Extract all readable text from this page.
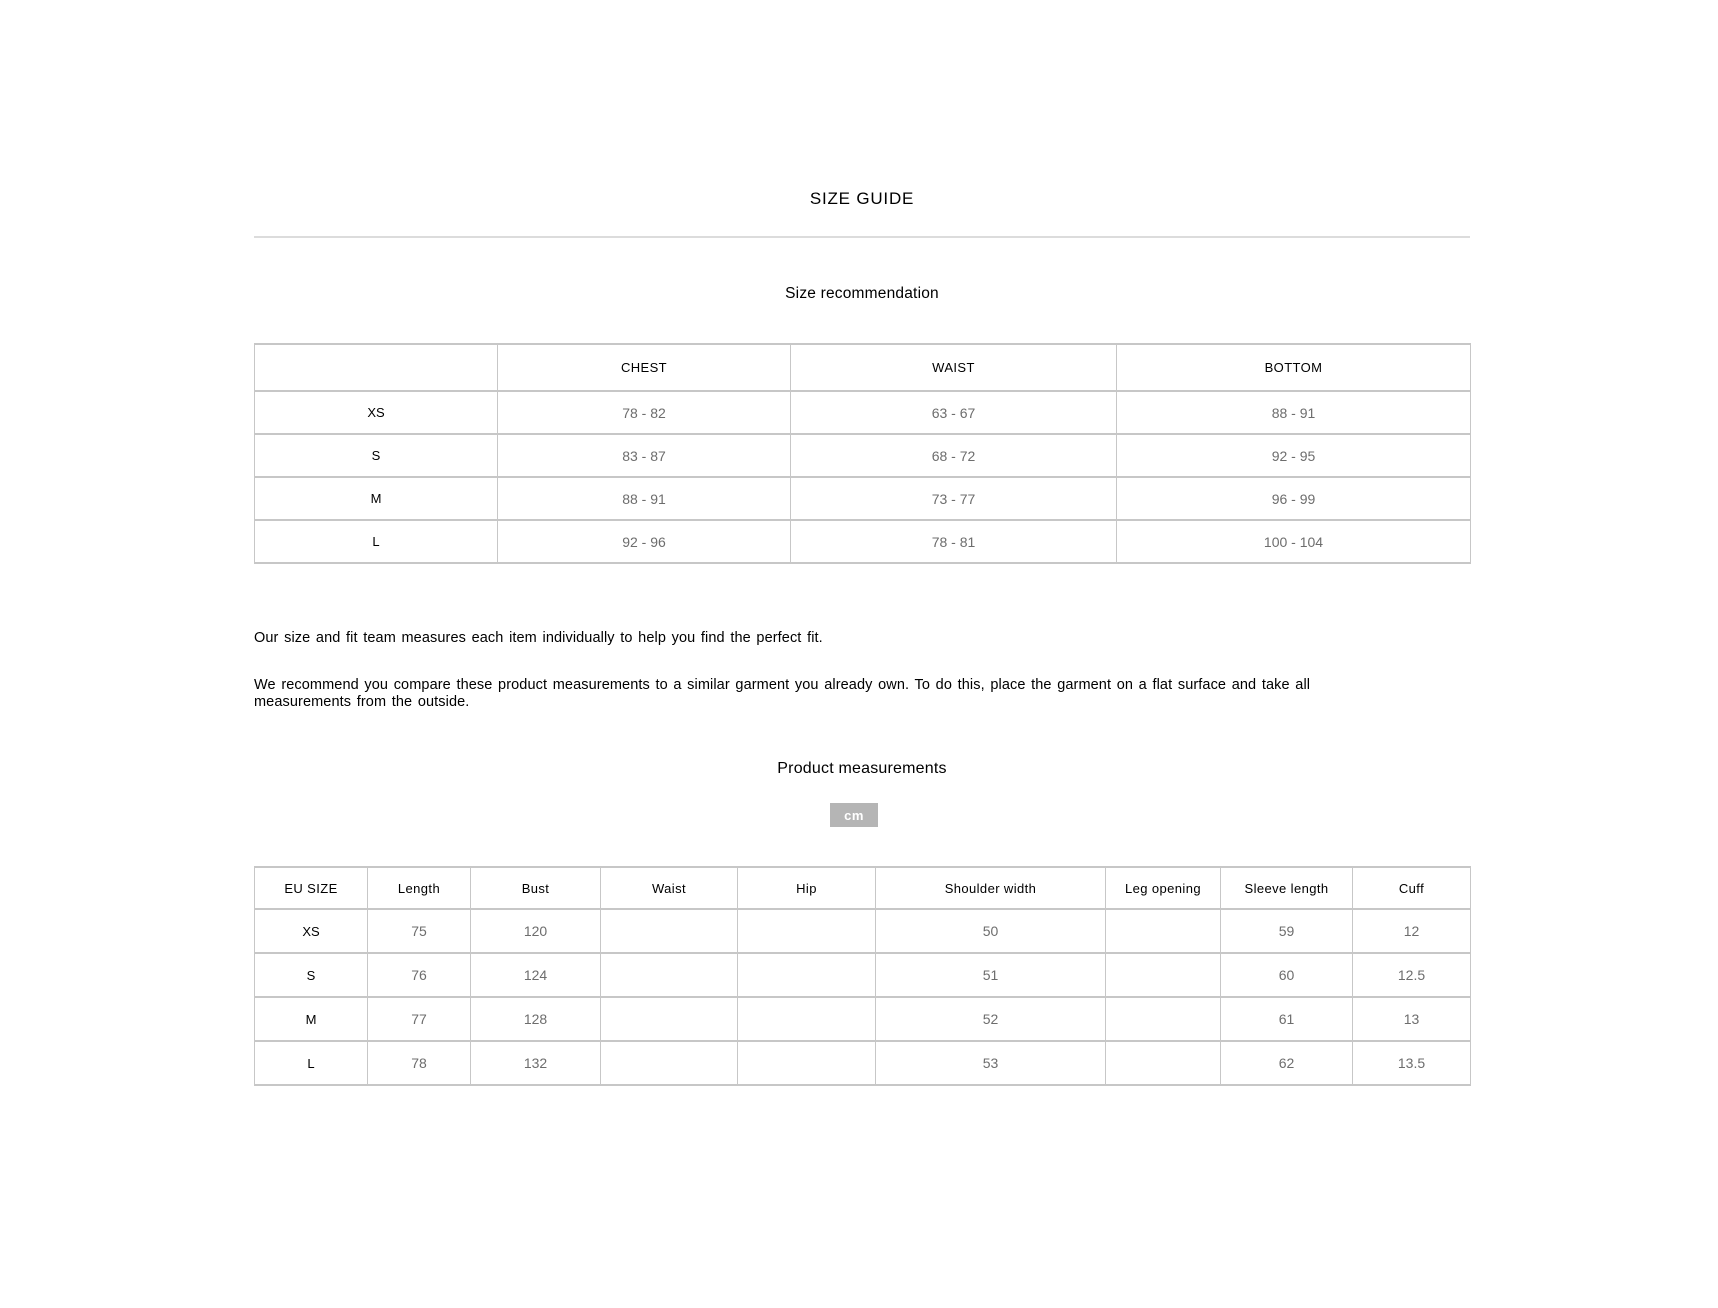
SIZE GUIDE
Size recommendation
	CHEST	WAIST	BOTTOM
XS	78 - 82	63 - 67	88 - 91
S	83 - 87	68 - 72	92 - 95
M	88 - 91	73 - 77	96 - 99
L	92 - 96	78 - 81	100 - 104

Our size and fit team measures each item individually to help you find the perfect fit.

We recommend you compare these product measurements to a similar garment you already own. To do this, place the garment on a flat surface and take all measurements from the outside.

Product measurements
cm
EU SIZE	Length	Bust	Waist	Hip	Shoulder width	Leg opening	Sleeve length	Cuff
XS	75	120			50		59	12
S	76	124			51		60	12.5
M	77	128			52		61	13
L	78	132			53		62	13.5
